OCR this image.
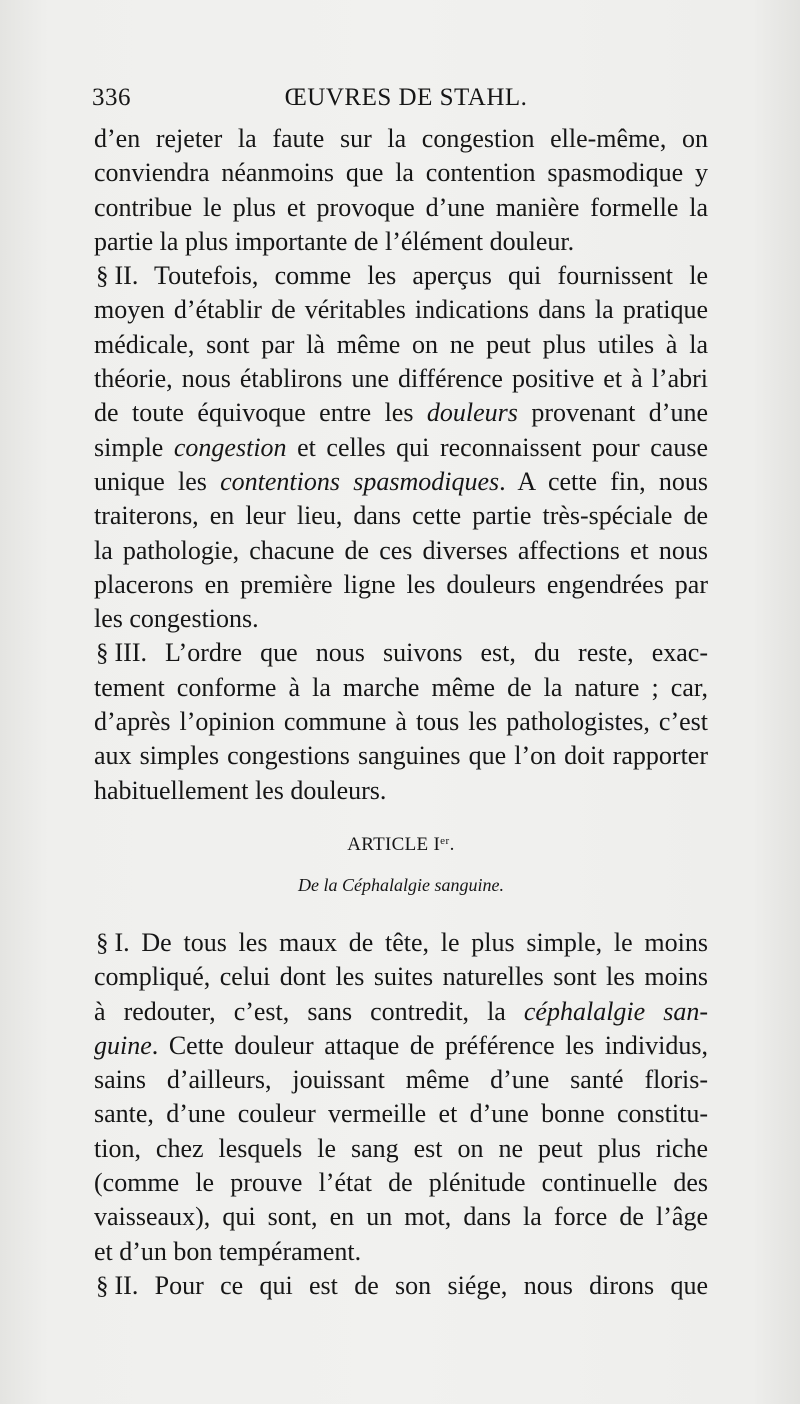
336	ŒUVRES DE STAHL.
d’en rejeter la faute sur la congestion elle-même, on
conviendra néanmoins que la contention spasmodique y
contribue le plus et provoque d’une manière formelle la
partie la plus importante de l’élément douleur.
§ II. Toutefois, comme les aperçus qui fournissent le
moyen d’établir de véritables indications dans la pratique
médicale, sont par là même on ne peut plus utiles à la
théorie, nous établirons une différence positive et à l’abri
de toute équivoque entre les douleurs provenant d’une
simple congestion et celles qui reconnaissent pour cause
unique les contentions spasmodiques. A cette fin, nous
traiterons, en leur lieu, dans cette partie très-spéciale de
la pathologie, chacune de ces diverses affections et nous
placerons en première ligne les douleurs engendrées par
les congestions.
§ III. L’ordre que nous suivons est, du reste, exac-
tement conforme à la marche même de la nature ; car,
d’après l’opinion commune à tous les pathologistes, c’est
aux simples congestions sanguines que l’on doit rapporter
habituellement les douleurs.
ARTICLE Ier.
De la Céphalalgie sanguine.
§ I. De tous les maux de tête, le plus simple, le moins
compliqué, celui dont les suites naturelles sont les moins
à redouter, c’est, sans contredit, la céphalalgie san-
guine. Cette douleur attaque de préférence les individus,
sains d’ailleurs, jouissant même d’une santé floris-
sante, d’une couleur vermeille et d’une bonne constitu-
tion, chez lesquels le sang est on ne peut plus riche
(comme le prouve l’état de plénitude continuelle des
vaisseaux), qui sont, en un mot, dans la force de l’âge
et d’un bon tempérament.
§ II. Pour ce qui est de son siége, nous dirons que
